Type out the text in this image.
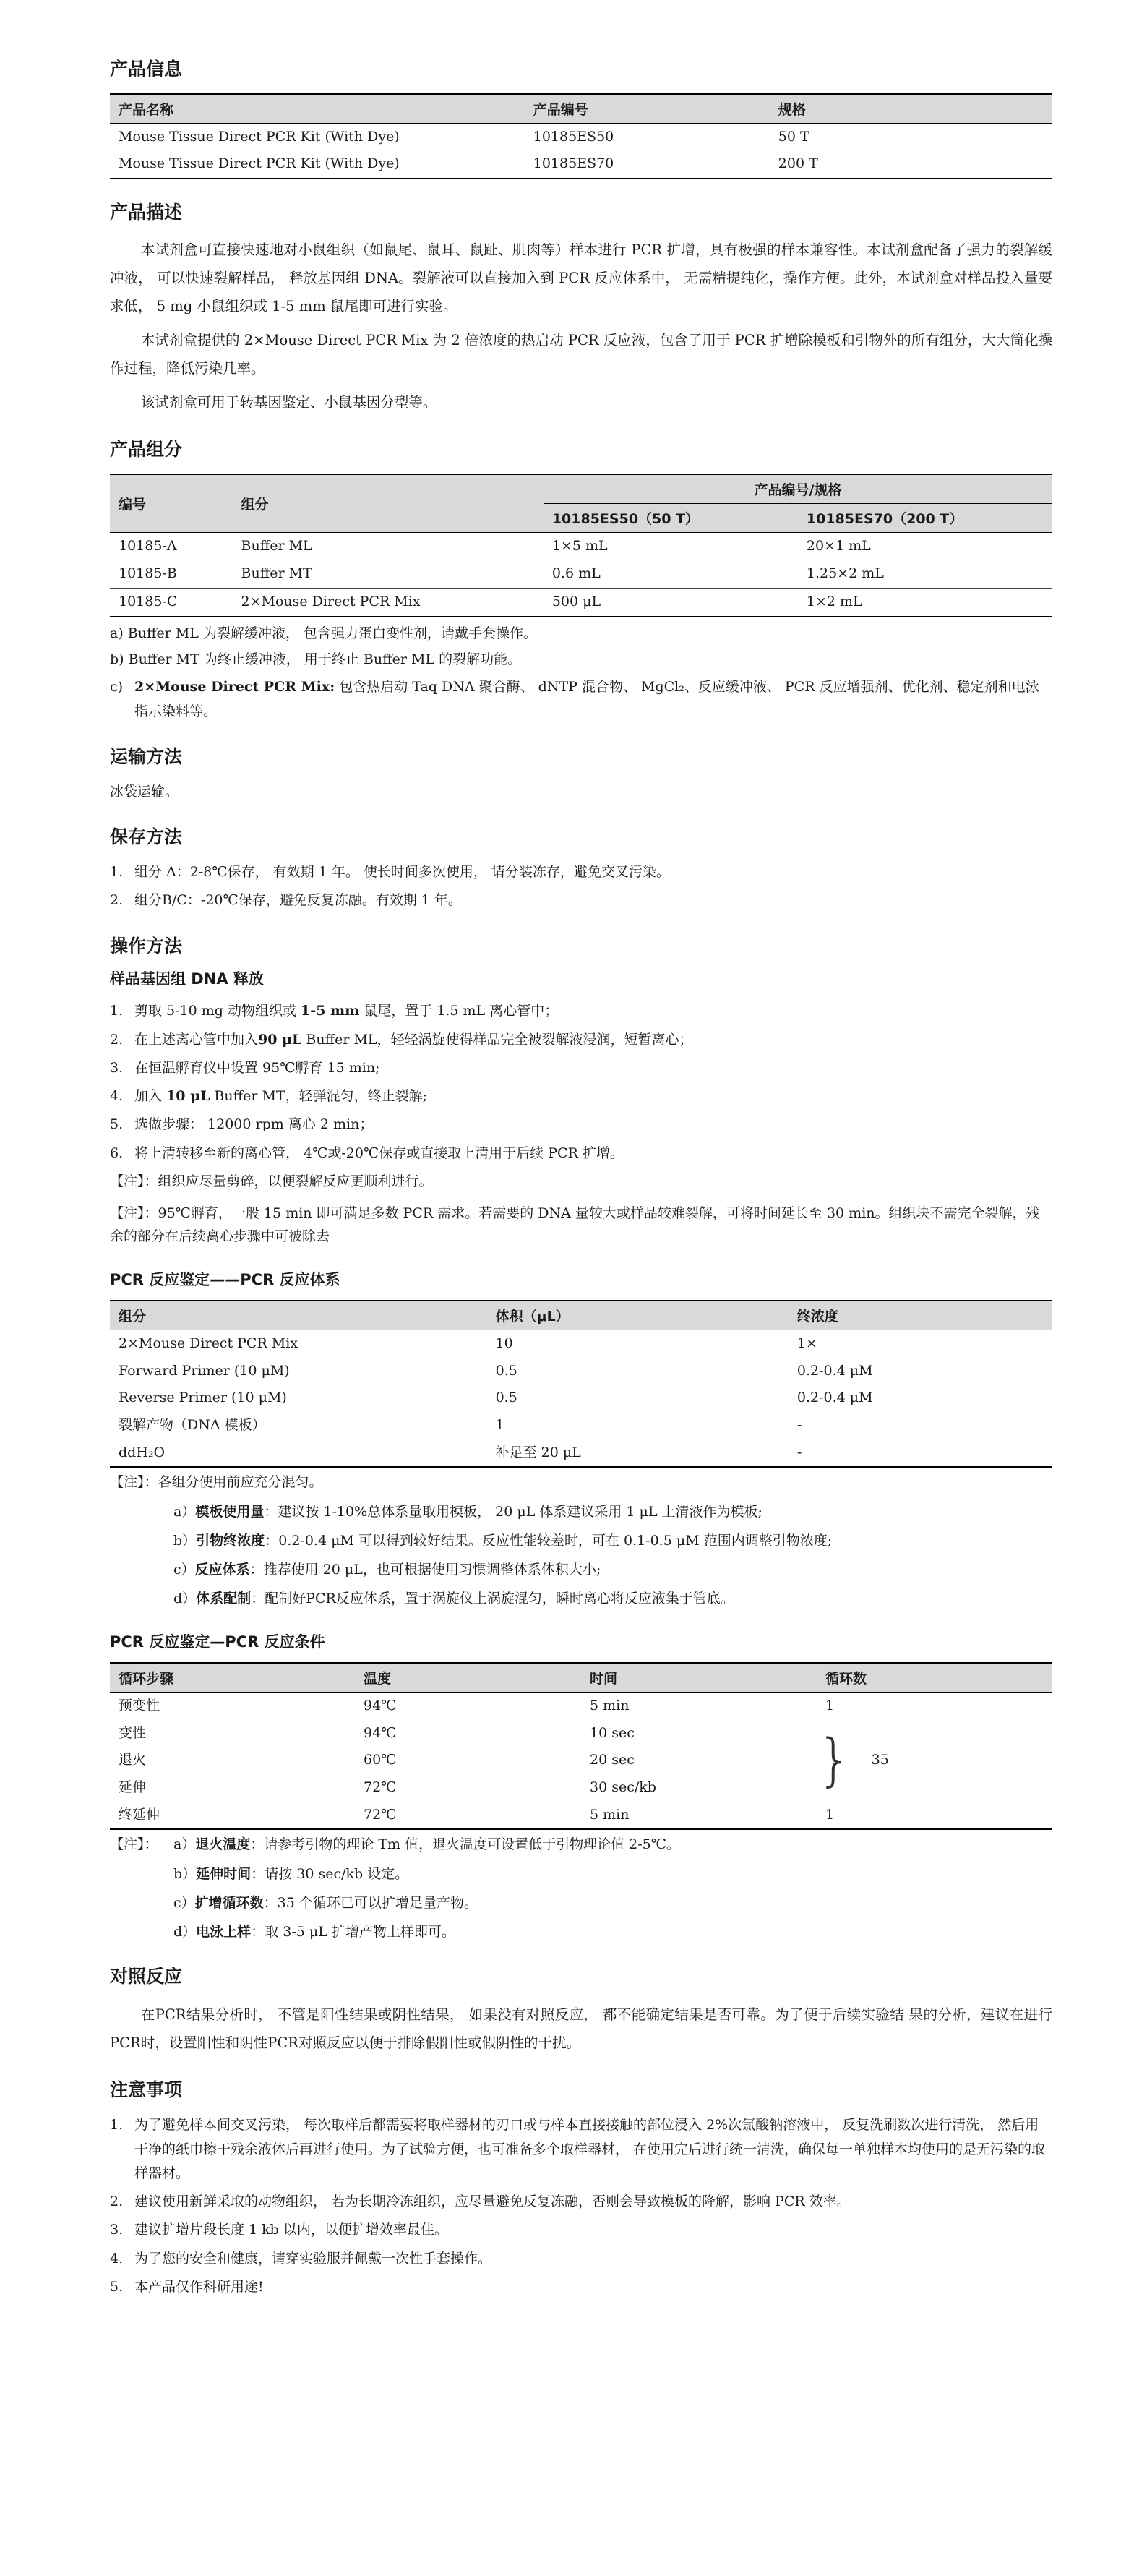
产品信息
产品名称	产品编号	规格
Mouse Tissue Direct PCR Kit (With Dye)	10185ES50	50 T
Mouse Tissue Direct PCR Kit (With Dye)	10185ES70	200 T
产品描述

本试剂盒可直接快速地对小鼠组织（如鼠尾、鼠耳、鼠趾、肌肉等）样本进行 PCR 扩增，具有极强的样本兼容性。本试剂盒配备了强力的裂解缓冲液， 可以快速裂解样品， 释放基因组 DNA。裂解液可以直接加入到 PCR 反应体系中， 无需精提纯化，操作方便。此外，本试剂盒对样品投入量要求低， 5 mg 小鼠组织或 1-5 mm 鼠尾即可进行实验。

本试剂盒提供的 2×Mouse Direct PCR Mix 为 2 倍浓度的热启动 PCR 反应液，包含了用于 PCR 扩增除模板和引物外的所有组分，大大简化操作过程，降低污染几率。

该试剂盒可用于转基因鉴定、小鼠基因分型等。

产品组分
编号	组分	产品编号/规格	
		10185ES50（50 T）	10185ES70（200 T）
10185-A	Buffer ML	1×5 mL	20×1 mL
10185-B	Buffer MT	0.6 mL	1.25×2 mL
10185-C	2×Mouse Direct PCR Mix	500 μL	1×2 mL
a) Buffer ML 为裂解缓冲液， 包含强力蛋白变性剂，请戴手套操作。
b) Buffer MT 为终止缓冲液， 用于终止 Buffer ML 的裂解功能。
c) 2×Mouse Direct PCR Mix: 包含热启动 Taq DNA 聚合酶、 dNTP 混合物、 MgCl₂、反应缓冲液、 PCR 反应增强剂、优化剂、稳定剂和电泳指示染料等。
运输方法
冰袋运输。
保存方法
1. 组分 A：2-8℃保存， 有效期 1 年。 使长时间多次使用， 请分装冻存，避免交叉污染。
2. 组分B/C：-20℃保存，避免反复冻融。有效期 1 年。
操作方法
样品基因组 DNA 释放
1. 剪取 5-10 mg 动物组织或 1-5 mm 鼠尾，置于 1.5 mL 离心管中；
2. 在上述离心管中加入90 μL Buffer ML，轻轻涡旋使得样品完全被裂解液浸润，短暂离心；
3. 在恒温孵育仪中设置 95℃孵育 15 min;
4. 加入 10 μL Buffer MT，轻弹混匀，终止裂解;
5. 选做步骤： 12000 rpm 离心 2 min；
6. 将上清转移至新的离心管， 4℃或-20℃保存或直接取上清用于后续 PCR 扩增。
【注】：组织应尽量剪碎，以便裂解反应更顺利进行。
【注】：95℃孵育，一般 15 min 即可满足多数 PCR 需求。若需要的 DNA 量较大或样品较难裂解，可将时间延长至 30 min。组织块不需完全裂解，残余的部分在后续离心步骤中可被除去
PCR 反应鉴定——PCR 反应体系
组分	体积（μL）	终浓度
2×Mouse Direct PCR Mix	10	1×
Forward Primer (10 μM)	0.5	0.2-0.4 μM
Reverse Primer (10 μM)	0.5	0.2-0.4 μM
裂解产物（DNA 模板）	1	-
ddH₂O	补足至 20 μL	-
【注】：各组分使用前应充分混匀。
a）模板使用量：建议按 1-10%总体系量取用模板， 20 μL 体系建议采用 1 μL 上清液作为模板;
b）引物终浓度：0.2-0.4 μM 可以得到较好结果。反应性能较差时，可在 0.1-0.5 μM 范围内调整引物浓度;
c）反应体系：推荐使用 20 μL，也可根据使用习惯调整体系体积大小;
d）体系配制：配制好PCR反应体系，置于涡旋仪上涡旋混匀，瞬时离心将反应液集于管底。
PCR 反应鉴定—PCR 反应条件
循环步骤	温度	时间	循环数
预变性	94℃	5 min	1
变性	94℃	10 sec	} 35

退火	60℃	20 sec	
延伸	72℃	30 sec/kb	
终延伸	72℃	5 min	1
【注】：	a）退火温度：请参考引物的理论 Tm 值，退火温度可设置低于引物理论值 2-5℃。
b）延伸时间：请按 30 sec/kb 设定。
c）扩增循环数：35 个循环已可以扩增足量产物。
d）电泳上样：取 3-5 μL 扩增产物上样即可。
对照反应

在PCR结果分析时， 不管是阳性结果或阴性结果， 如果没有对照反应， 都不能确定结果是否可靠。为了便于后续实验结 果的分析，建议在进行PCR时，设置阳性和阴性PCR对照反应以便于排除假阳性或假阴性的干扰。

注意事项
1. 为了避免样本间交叉污染， 每次取样后都需要将取样器材的刃口或与样本直接接触的部位浸入 2%次氯酸钠溶液中， 反复洗刷数次进行清洗， 然后用干净的纸巾擦干残余液体后再进行使用。为了试验方便，也可准备多个取样器材， 在使用完后进行统一清洗，确保每一单独样本均使用的是无污染的取样器材。
2. 建议使用新鲜采取的动物组织， 若为长期冷冻组织，应尽量避免反复冻融，否则会导致模板的降解，影响 PCR 效率。
3. 建议扩增片段长度 1 kb 以内，以便扩增效率最佳。
4. 为了您的安全和健康，请穿实验服并佩戴一次性手套操作。
5. 本产品仅作科研用途!
